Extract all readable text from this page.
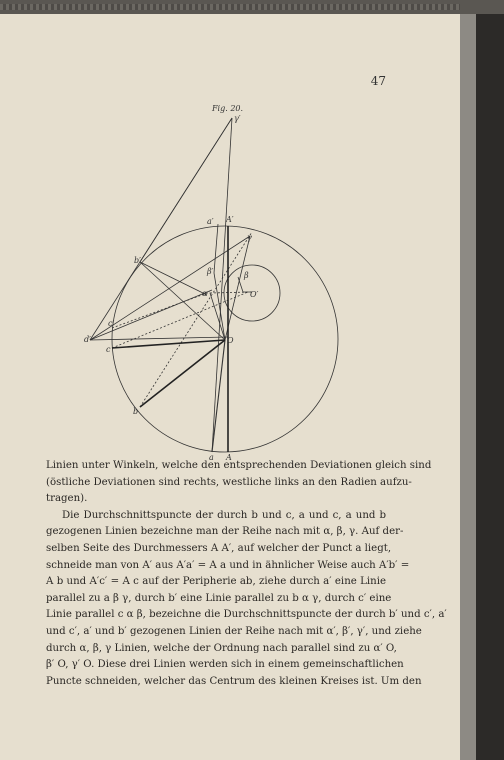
47
Fig. 20.
γ′
a′ A′
b′
γ
β′	β
α	O′
c′
d′
c
O
b
a A
Linien unter Winkeln, welche den entsprechenden Deviationen gleich sind
(östliche Deviationen sind rechts, westliche links an den Radien aufzu-
tragen).
Die Durchschnittspuncte der durch b und c, a und c, a und b
gezogenen Linien bezeichne man der Reihe nach mit α, β, γ. Auf der-
selben Seite des Durchmessers A A′, auf welcher der Punct a liegt,
schneide man von A′ aus A′a′ = A a und in ähnlicher Weise auch A′b′ =
A b und A′c′ = A c auf der Peripherie ab, ziehe durch a′ eine Linie
parallel zu a β γ, durch b′ eine Linie parallel zu b α γ, durch c′ eine
Linie parallel c α β, bezeichne die Durchschnittspuncte der durch b′ und c′, a′
und c′, a′ und b′ gezogenen Linien der Reihe nach mit α′, β′, γ′, und ziehe
durch α, β, γ Linien, welche der Ordnung nach parallel sind zu α′ O,
β′ O, γ′ O. Diese drei Linien werden sich in einem gemeinschaftlichen
Puncte schneiden, welcher das Centrum des kleinen Kreises ist. Um den
